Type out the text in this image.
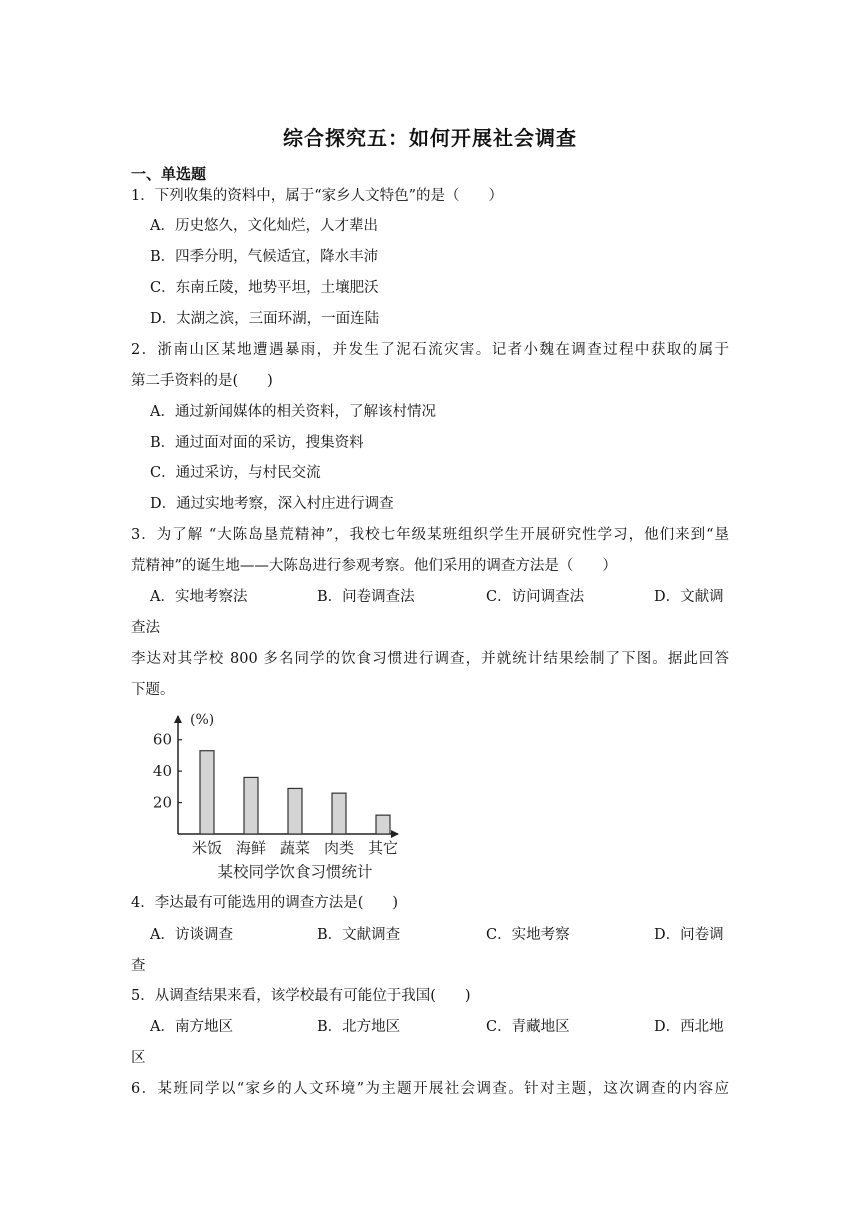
综合探究五：如何开展社会调查
一、单选题
1．下列收集的资料中，属于“家乡人文特色”的是（　　）
A．历史悠久，文化灿烂，人才辈出
B．四季分明，气候适宜，降水丰沛
C．东南丘陵，地势平坦，土壤肥沃
D．太湖之滨，三面环湖，一面连陆
2．浙南山区某地遭遇暴雨，并发生了泥石流灾害。记者小魏在调查过程中获取的属于
第二手资料的是(　　)
A．通过新闻媒体的相关资料，了解该村情况
B．通过面对面的采访，搜集资料
C．通过采访，与村民交流
D．通过实地考察，深入村庄进行调查
3．为了解 “大陈岛垦荒精神”，我校七年级某班组织学生开展研究性学习，他们来到“垦
荒精神”的诞生地——大陈岛进行参观考察。他们采用的调查方法是（　　）
A．实地考察法	B．问卷调查法	C．访问调查法	D．文献调
查法
李达对其学校 800 多名同学的饮食习惯进行调查，并就统计结果绘制了下图。据此回答
下题。
(%)
20
40
60
米饭 海鲜 蔬菜 肉类 其它
某校同学饮食习惯统计
4．李达最有可能选用的调查方法是(　　)
A．访谈调查	B．文献调查	C．实地考察	D．问卷调
查
5．从调查结果来看，该学校最有可能位于我国(　　)
A．南方地区	B．北方地区	C．青藏地区	D．西北地
区
6．某班同学以“家乡的人文环境”为主题开展社会调查。针对主题，这次调查的内容应
